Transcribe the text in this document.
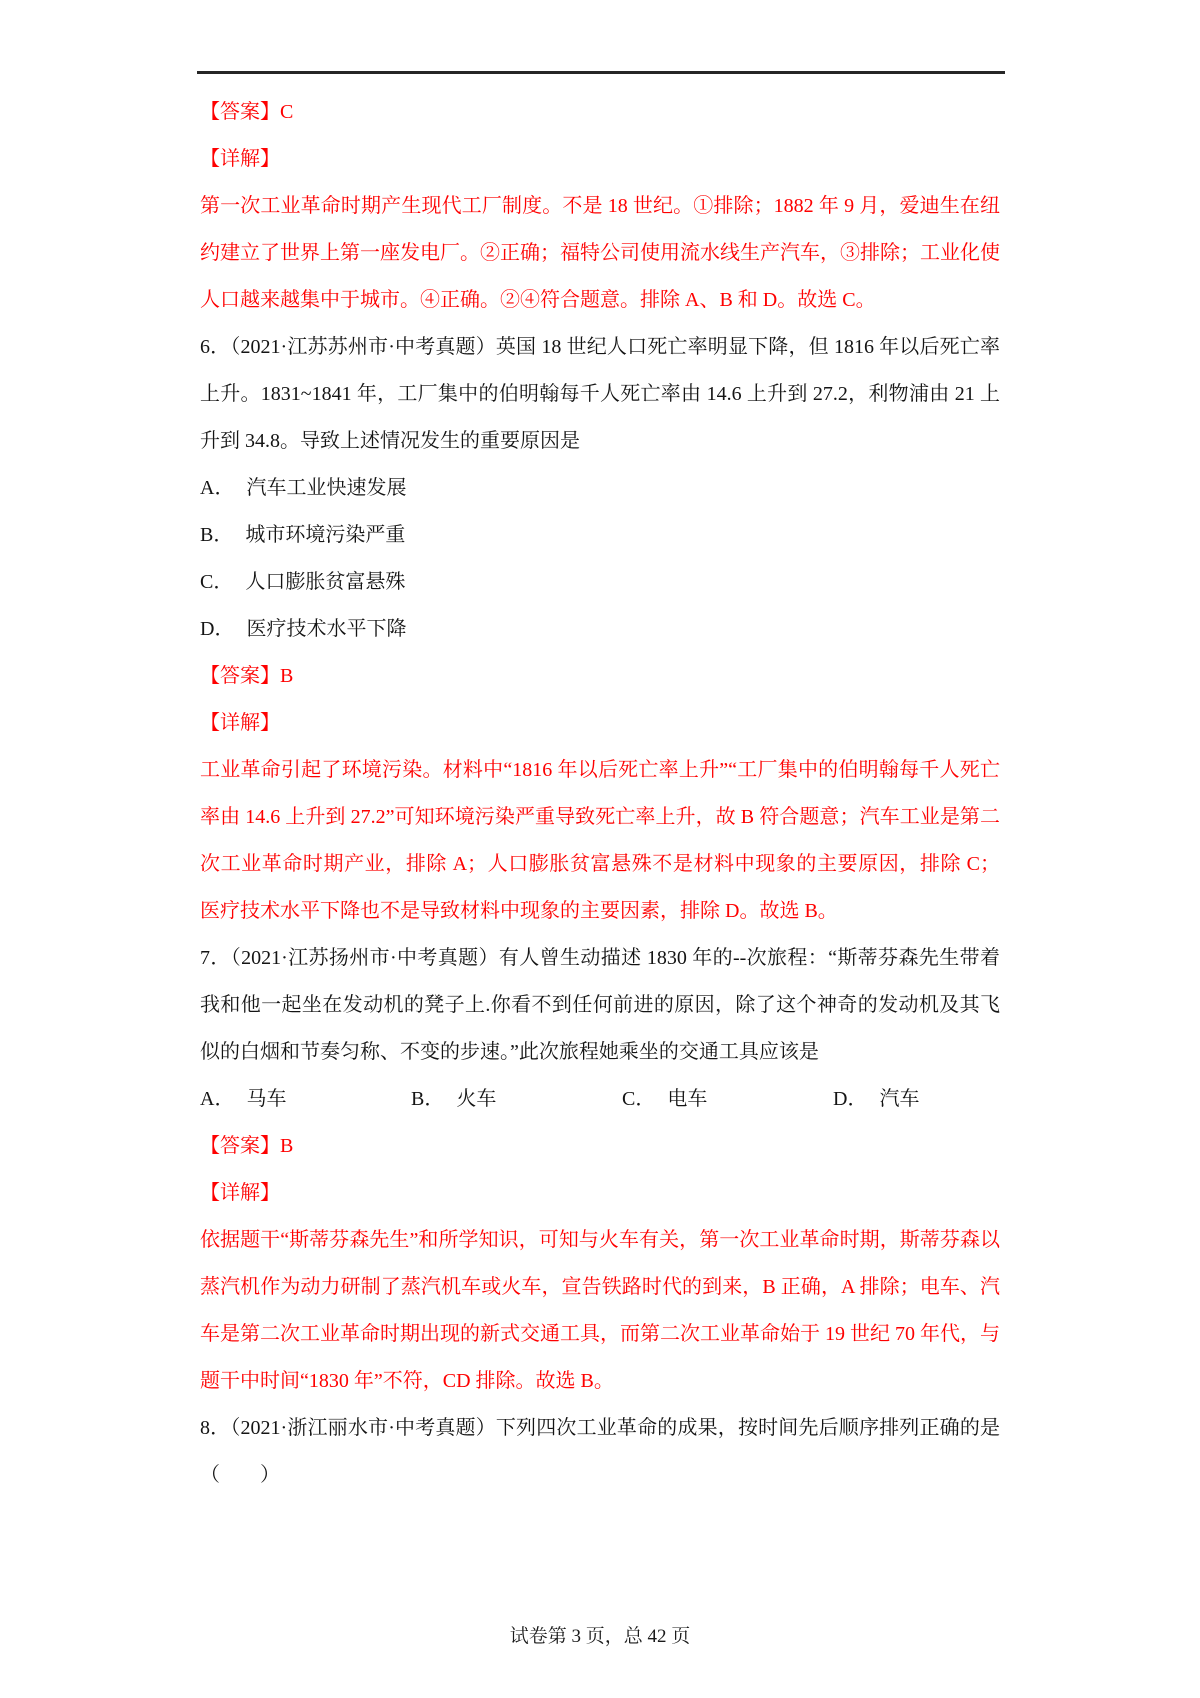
【答案】C

【详解】

第一次工业革命时期产生现代工厂制度。不是 18 世纪。①排除；1882 年 9 月，爱迪生在纽约建立了世界上第一座发电厂。②正确；福特公司使用流水线生产汽车，③排除；工业化使人口越来越集中于城市。④正确。②④符合题意。排除 A、B 和 D。故选 C。

6．（2021·江苏苏州市·中考真题）英国 18 世纪人口死亡率明显下降，但 1816 年以后死亡率上升。1831~1841 年，工厂集中的伯明翰每千人死亡率由 14.6 上升到 27.2，利物浦由 21 上升到 34.8。导致上述情况发生的重要原因是

A． 汽车工业快速发展

B． 城市环境污染严重

C． 人口膨胀贫富悬殊

D． 医疗技术水平下降

【答案】B

【详解】

工业革命引起了环境污染。材料中“1816 年以后死亡率上升”“工厂集中的伯明翰每千人死亡率由 14.6 上升到 27.2”可知环境污染严重导致死亡率上升，故 B 符合题意；汽车工业是第二次工业革命时期产业，排除 A；人口膨胀贫富悬殊不是材料中现象的主要原因，排除 C； 医疗技术水平下降也不是导致材料中现象的主要因素，排除 D。故选 B。

7．（2021·江苏扬州市·中考真题）有人曾生动描述 1830 年的--次旅程：“斯蒂芬森先生带着我和他一起坐在发动机的凳子上.你看不到任何前进的原因，除了这个神奇的发动机及其飞似的白烟和节奏匀称、不变的步速。”此次旅程她乘坐的交通工具应该是

A． 马车	B． 火车	C． 电车	D． 汽车

【答案】B

【详解】

依据题干“斯蒂芬森先生”和所学知识，可知与火车有关，第一次工业革命时期，斯蒂芬森以蒸汽机作为动力研制了蒸汽机车或火车，宣告铁路时代的到来，B 正确，A 排除；电车、汽车是第二次工业革命时期出现的新式交通工具，而第二次工业革命始于 19 世纪 70 年代，与题干中时间“1830 年”不符，CD 排除。故选 B。

8．（2021·浙江丽水市·中考真题）下列四次工业革命的成果，按时间先后顺序排列正确的是（　　）

试卷第 3 页，总 42 页
